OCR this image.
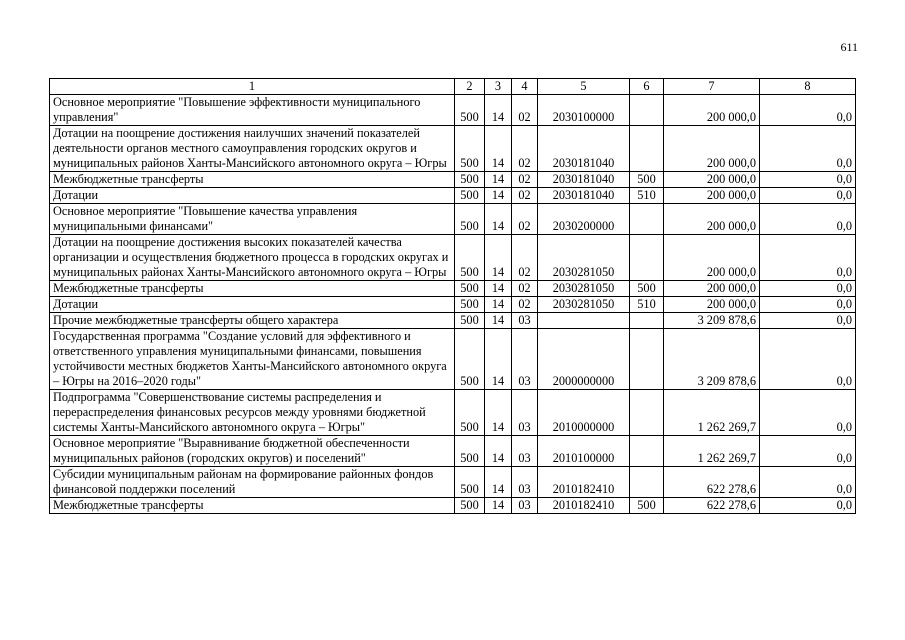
611
1	2	3	4	5	6	7	8
Основное мероприятие "Повышение эффективности муниципального управления"	500	14	02	2030100000		200 000,0	0,0
Дотации на поощрение достижения наилучших значений показателей деятельности органов местного самоуправления городских округов и муниципальных районов Ханты-Мансийского автономного округа – Югры	500	14	02	2030181040		200 000,0	0,0
Межбюджетные трансферты	500	14	02	2030181040	500	200 000,0	0,0
Дотации	500	14	02	2030181040	510	200 000,0	0,0
Основное мероприятие "Повышение качества управления муниципальными финансами"	500	14	02	2030200000		200 000,0	0,0
Дотации на поощрение достижения высоких показателей качества организации и осуществления бюджетного процесса в городских округах и муниципальных районах Ханты-Мансийского автономного округа – Югры	500	14	02	2030281050		200 000,0	0,0
Межбюджетные трансферты	500	14	02	2030281050	500	200 000,0	0,0
Дотации	500	14	02	2030281050	510	200 000,0	0,0
Прочие межбюджетные трансферты общего характера	500	14	03			3 209 878,6	0,0
Государственная программа "Создание условий для эффективного и ответственного управления муниципальными финансами, повышения устойчивости местных бюджетов Ханты-Мансийского автономного округа – Югры на 2016–2020 годы"	500	14	03	2000000000		3 209 878,6	0,0
Подпрограмма "Совершенствование системы распределения и перераспределения финансовых ресурсов между уровнями бюджетной системы Ханты-Мансийского автономного округа – Югры"	500	14	03	2010000000		1 262 269,7	0,0
Основное мероприятие "Выравнивание бюджетной обеспеченности муниципальных районов (городских округов) и поселений"	500	14	03	2010100000		1 262 269,7	0,0
Субсидии муниципальным районам на формирование районных фондов финансовой поддержки поселений	500	14	03	2010182410		622 278,6	0,0
Межбюджетные трансферты	500	14	03	2010182410	500	622 278,6	0,0
